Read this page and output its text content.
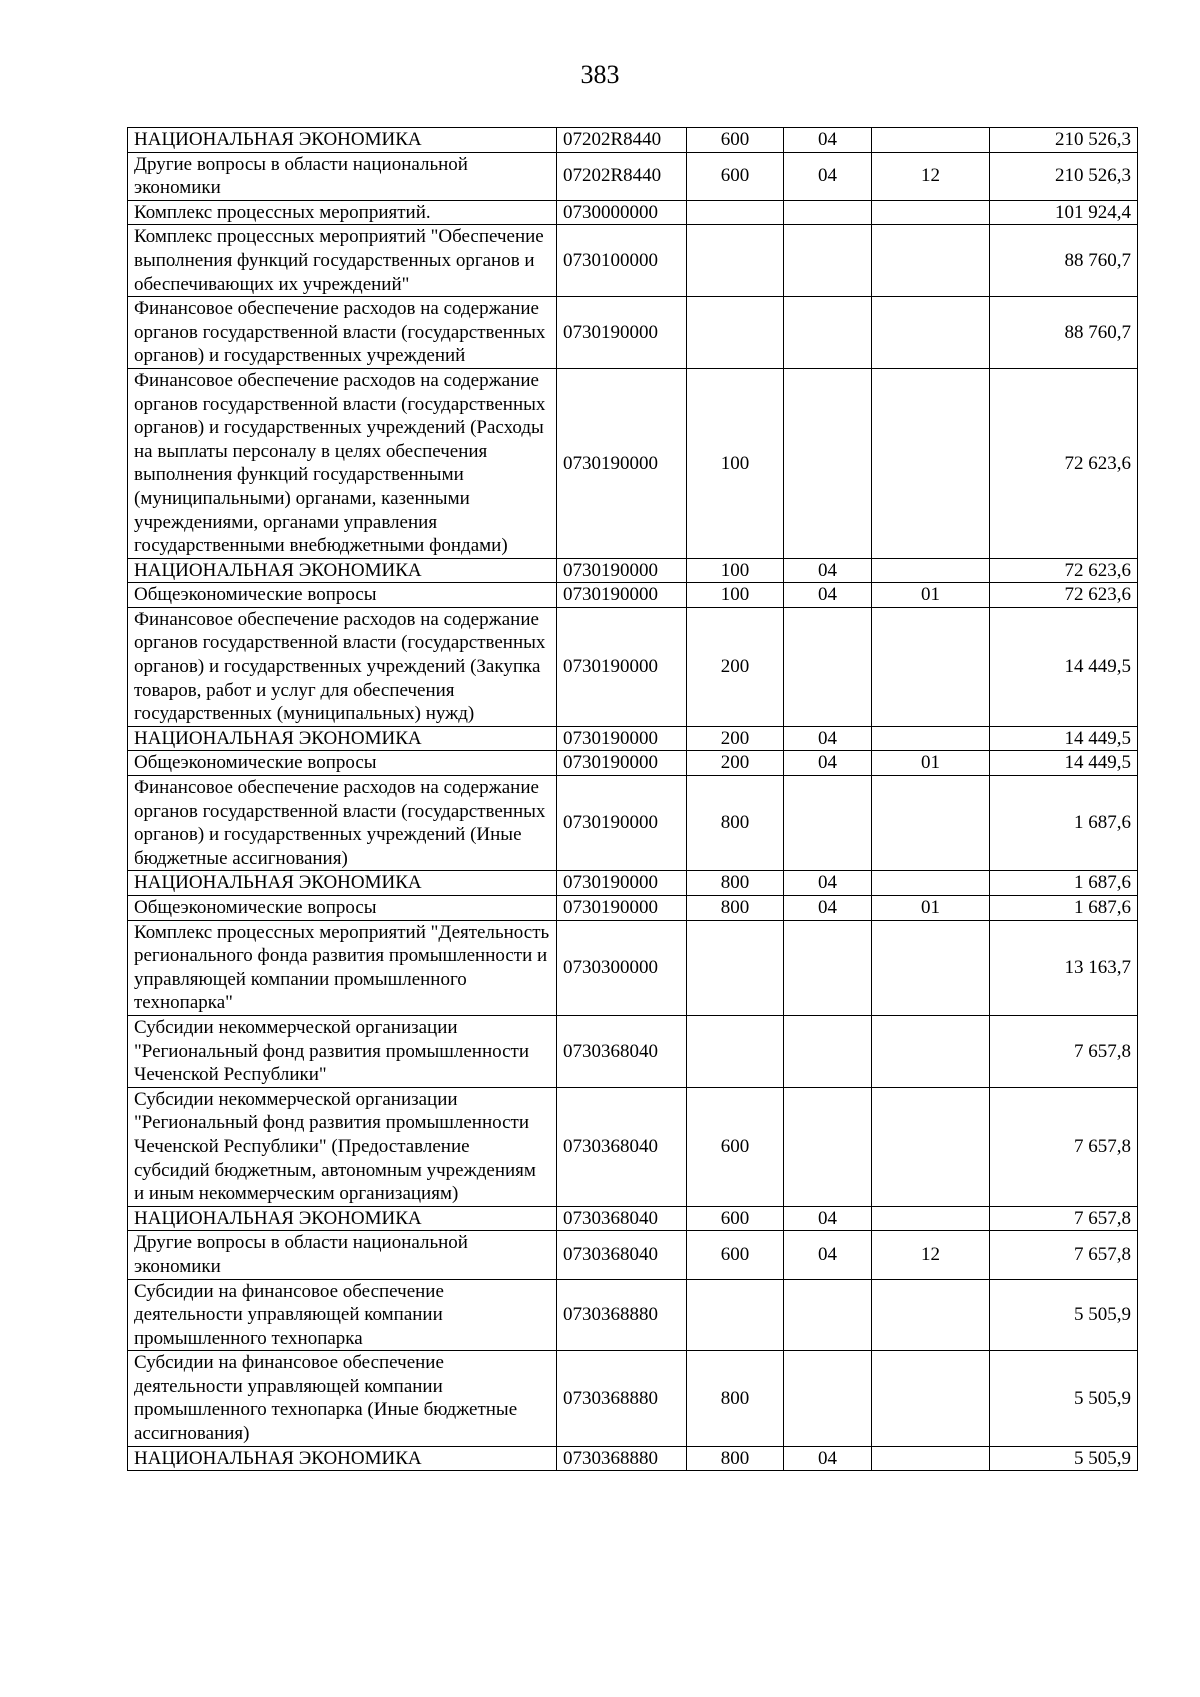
383
НАЦИОНАЛЬНАЯ ЭКОНОМИКА	07202R8440	600	04		210 526,3
Другие вопросы в области национальной экономики	07202R8440	600	04	12	210 526,3
Комплекс процессных мероприятий.	0730000000				101 924,4
Комплекс процессных мероприятий "Обеспечение выполнения функций государственных органов и обеспечивающих их учреждений"	0730100000				88 760,7
Финансовое обеспечение расходов на содержание органов государственной власти (государственных органов) и государственных учреждений	0730190000				88 760,7
Финансовое обеспечение расходов на содержание органов государственной власти (государственных органов) и государственных учреждений (Расходы на выплаты персоналу в целях обеспечения выполнения функций государственными (муниципальными) органами, казенными учреждениями, органами управления государственными внебюджетными фондами)	0730190000	100			72 623,6
НАЦИОНАЛЬНАЯ ЭКОНОМИКА	0730190000	100	04		72 623,6
Общеэкономические вопросы	0730190000	100	04	01	72 623,6
Финансовое обеспечение расходов на содержание органов государственной власти (государственных органов) и государственных учреждений (Закупка товаров, работ и услуг для обеспечения государственных (муниципальных) нужд)	0730190000	200			14 449,5
НАЦИОНАЛЬНАЯ ЭКОНОМИКА	0730190000	200	04		14 449,5
Общеэкономические вопросы	0730190000	200	04	01	14 449,5
Финансовое обеспечение расходов на содержание органов государственной власти (государственных органов) и государственных учреждений (Иные бюджетные ассигнования)	0730190000	800			1 687,6
НАЦИОНАЛЬНАЯ ЭКОНОМИКА	0730190000	800	04		1 687,6
Общеэкономические вопросы	0730190000	800	04	01	1 687,6
Комплекс процессных мероприятий "Деятельность регионального фонда развития промышленности и управляющей компании промышленного технопарка"	0730300000				13 163,7
Субсидии некоммерческой организации "Региональный фонд развития промышленности Чеченской Республики"	0730368040				7 657,8
Субсидии некоммерческой организации "Региональный фонд развития промышленности Чеченской Республики" (Предоставление субсидий бюджетным, автономным учреждениям и иным некоммерческим организациям)	0730368040	600			7 657,8
НАЦИОНАЛЬНАЯ ЭКОНОМИКА	0730368040	600	04		7 657,8
Другие вопросы в области национальной экономики	0730368040	600	04	12	7 657,8
Субсидии на финансовое обеспечение деятельности управляющей компании промышленного технопарка	0730368880				5 505,9
Субсидии на финансовое обеспечение деятельности управляющей компании промышленного технопарка (Иные бюджетные ассигнования)	0730368880	800			5 505,9
НАЦИОНАЛЬНАЯ ЭКОНОМИКА	0730368880	800	04		5 505,9
